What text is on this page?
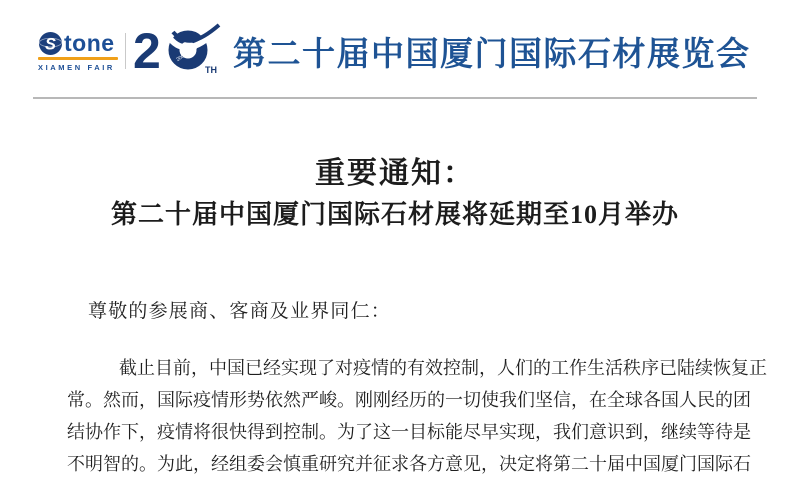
S tone
XIAMEN FAIR 2	2001-2020
TH 第二十届中国厦门国际石材展览会
重要通知：
第二十届中国厦门国际石材展将延期至10月举办

尊敬的参展商、客商及业界同仁：

截止目前，中国已经实现了对疫情的有效控制，人们的工作生活秩序已陆续恢复正
常。然而，国际疫情形势依然严峻。刚刚经历的一切使我们坚信，在全球各国人民的团
结协作下，疫情将很快得到控制。为了这一目标能尽早实现，我们意识到，继续等待是
不明智的。为此，经组委会慎重研究并征求各方意见，决定将第二十届中国厦门国际石
